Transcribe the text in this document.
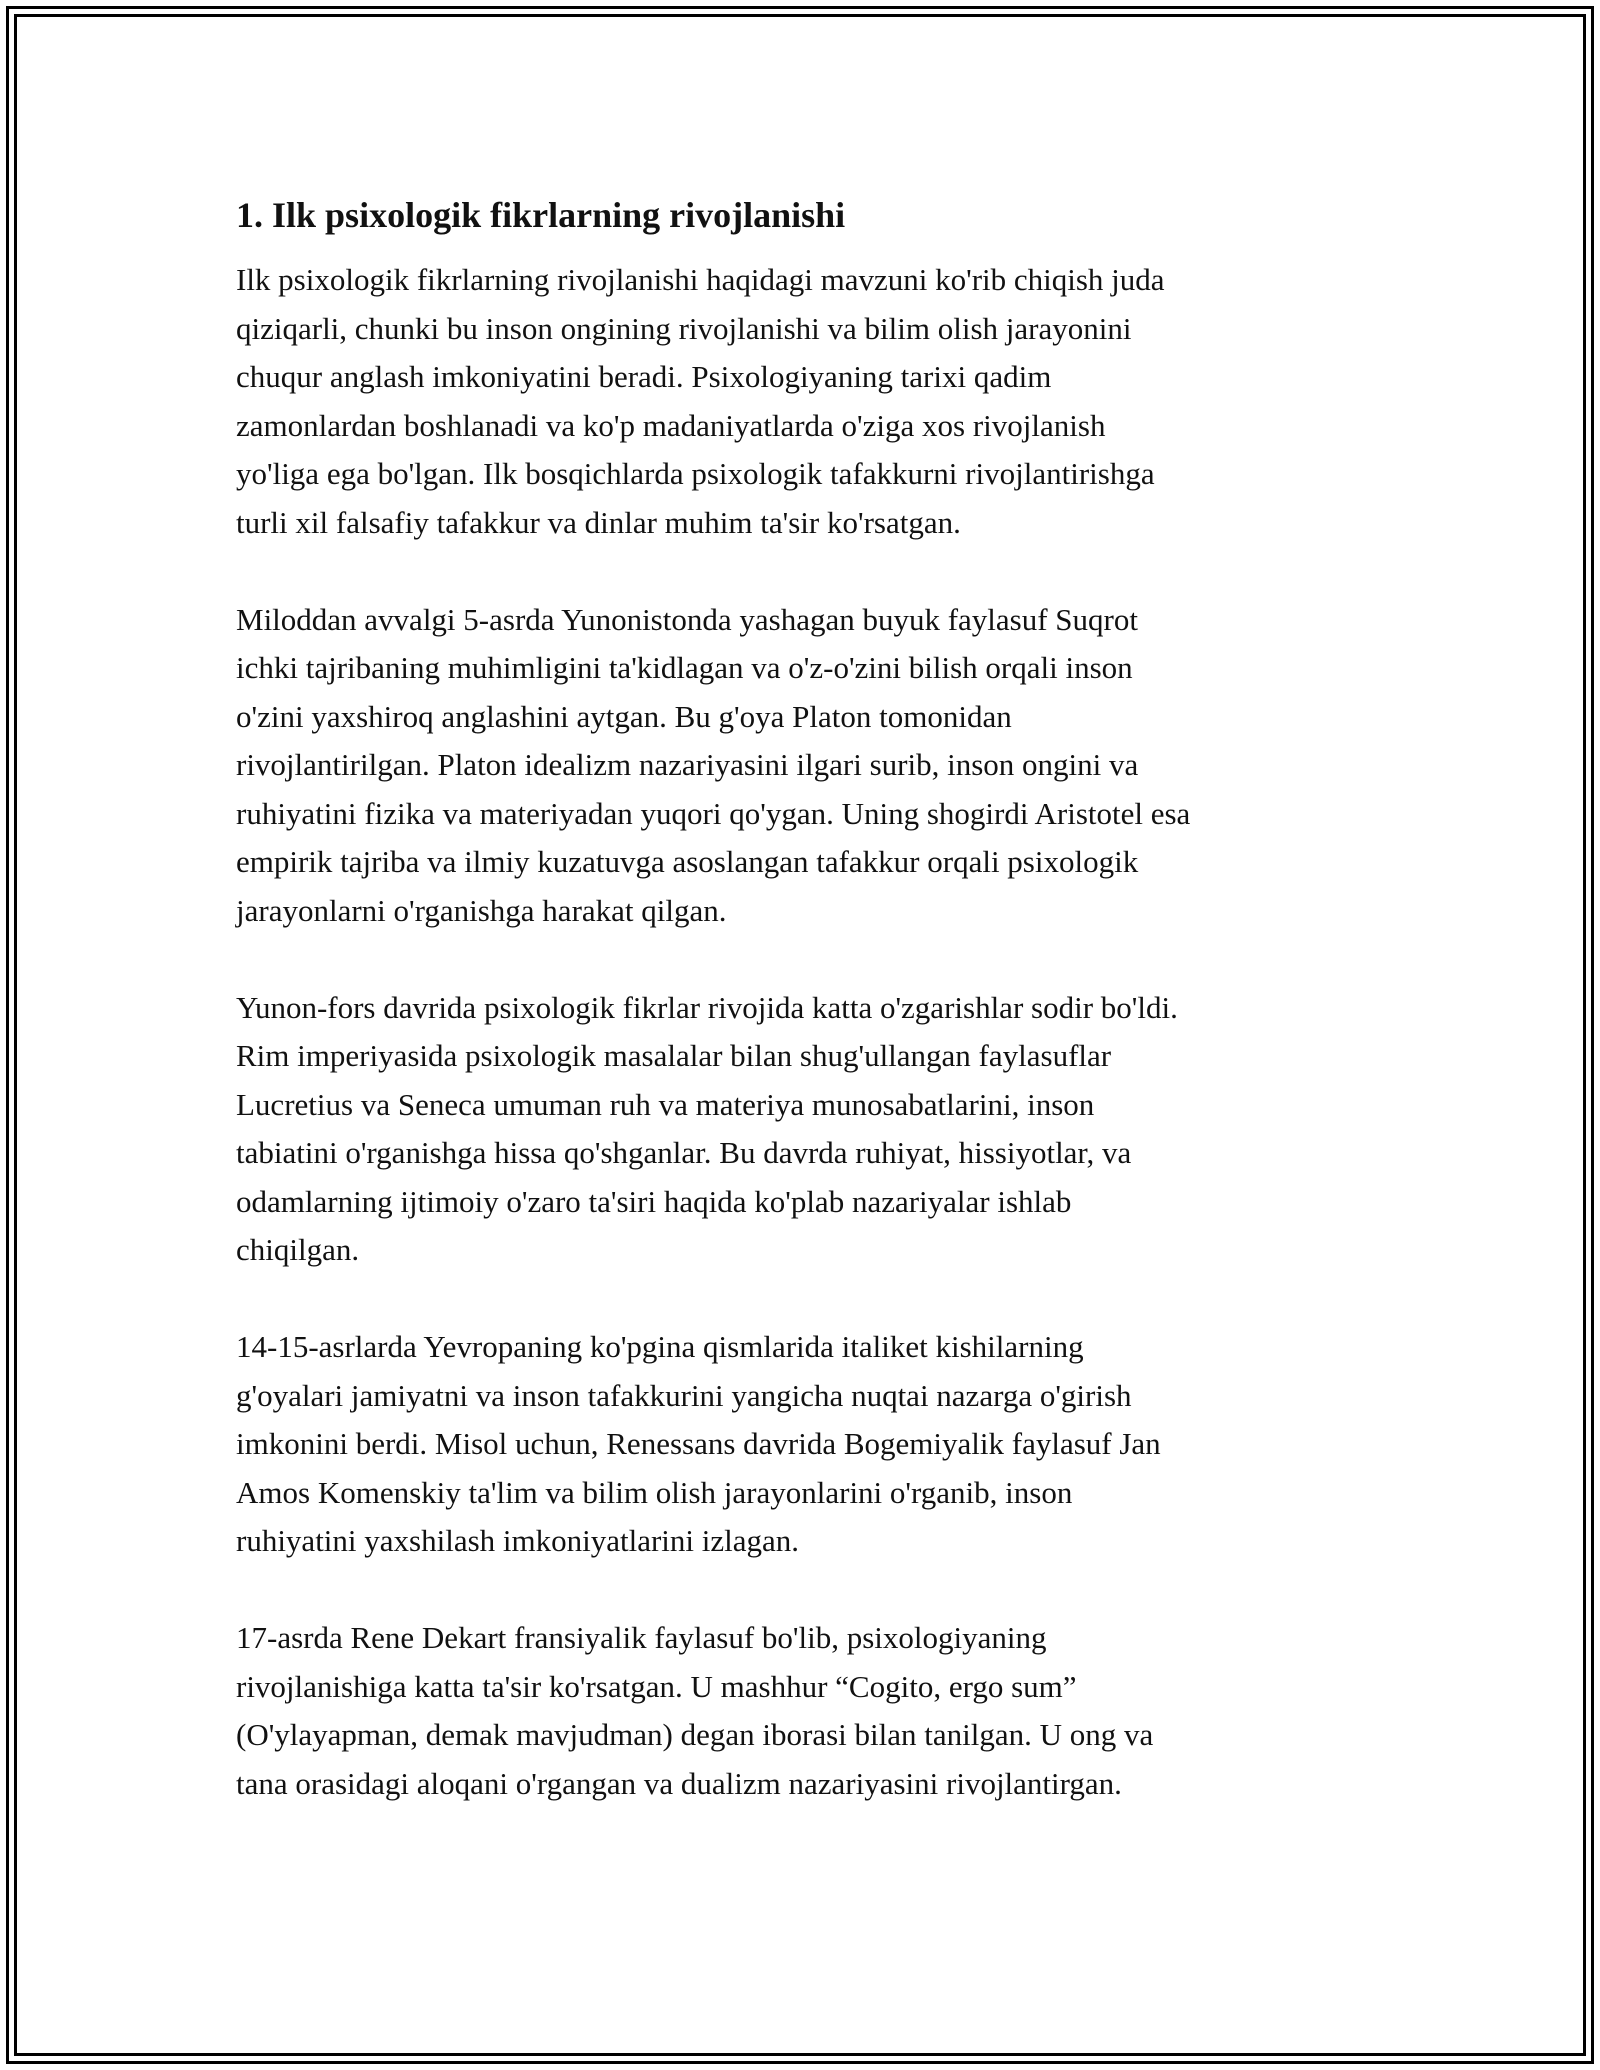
1. Ilk psixologik fikrlarning rivojlanishi

Ilk psixologik fikrlarning rivojlanishi haqidagi mavzuni ko'rib chiqish juda
qiziqarli, chunki bu inson ongining rivojlanishi va bilim olish jarayonini
chuqur anglash imkoniyatini beradi. Psixologiyaning tarixi qadim
zamonlardan boshlanadi va ko'p madaniyatlarda o'ziga xos rivojlanish
yo'liga ega bo'lgan. Ilk bosqichlarda psixologik tafakkurni rivojlantirishga
turli xil falsafiy tafakkur va dinlar muhim ta'sir ko'rsatgan.

Miloddan avvalgi 5-asrda Yunonistonda yashagan buyuk faylasuf Suqrot
ichki tajribaning muhimligini ta'kidlagan va o'z-o'zini bilish orqali inson
o'zini yaxshiroq anglashini aytgan. Bu g'oya Platon tomonidan
rivojlantirilgan. Platon idealizm nazariyasini ilgari surib, inson ongini va
ruhiyatini fizika va materiyadan yuqori qo'ygan. Uning shogirdi Aristotel esa
empirik tajriba va ilmiy kuzatuvga asoslangan tafakkur orqali psixologik
jarayonlarni o'rganishga harakat qilgan.

Yunon-fors davrida psixologik fikrlar rivojida katta o'zgarishlar sodir bo'ldi.
Rim imperiyasida psixologik masalalar bilan shug'ullangan faylasuflar
Lucretius va Seneca umuman ruh va materiya munosabatlarini, inson
tabiatini o'rganishga hissa qo'shganlar. Bu davrda ruhiyat, hissiyotlar, va
odamlarning ijtimoiy o'zaro ta'siri haqida ko'plab nazariyalar ishlab
chiqilgan.

14-15-asrlarda Yevropaning ko'pgina qismlarida italiket kishilarning
g'oyalari jamiyatni va inson tafakkurini yangicha nuqtai nazarga o'girish
imkonini berdi. Misol uchun, Renessans davrida Bogemiyalik faylasuf Jan
Amos Komenskiy ta'lim va bilim olish jarayonlarini o'rganib, inson
ruhiyatini yaxshilash imkoniyatlarini izlagan.

17-asrda Rene Dekart fransiyalik faylasuf bo'lib, psixologiyaning
rivojlanishiga katta ta'sir ko'rsatgan. U mashhur “Cogito, ergo sum”
(O'ylayapman, demak mavjudman) degan iborasi bilan tanilgan. U ong va
tana orasidagi aloqani o'rgangan va dualizm nazariyasini rivojlantirgan.
